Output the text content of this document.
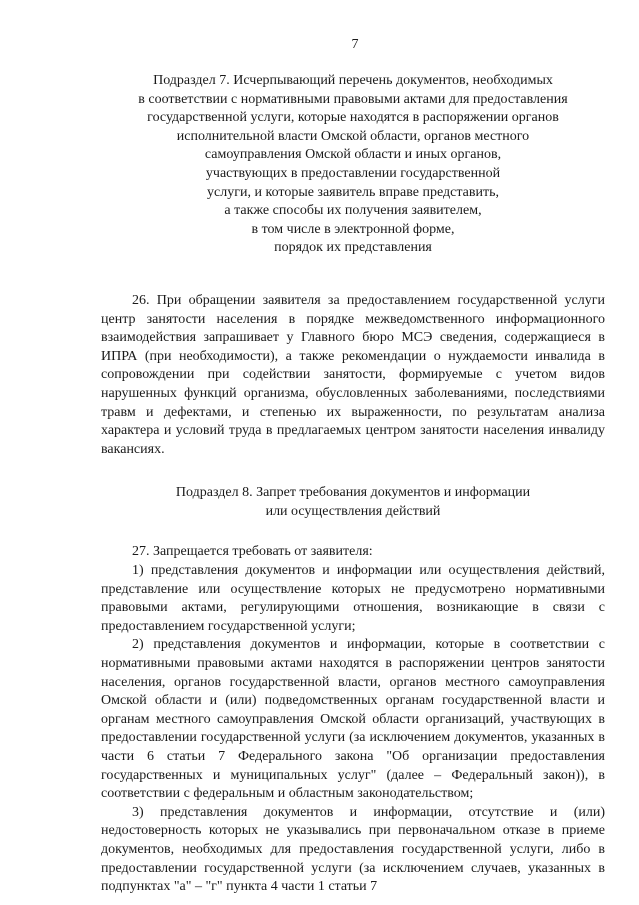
7
Подраздел 7. Исчерпывающий перечень документов, необходимых
в соответствии с нормативными правовыми актами для предоставления
государственной услуги, которые находятся в распоряжении органов
исполнительной власти Омской области, органов местного
самоуправления Омской области и иных органов,
участвующих в предоставлении государственной
услуги, и которые заявитель вправе представить,
а также способы их получения заявителем,
в том числе в электронной форме,
порядок их представления

26. При обращении заявителя за предоставлением государственной услуги центр занятости населения в порядке межведомственного информационного взаимодействия запрашивает у Главного бюро МСЭ сведения, содержащиеся в ИПРА (при необходимости), а также рекомендации о нуждаемости инвалида в сопровождении при содействии занятости, формируемые с учетом видов нарушенных функций организма, обусловленных заболеваниями, последствиями травм и дефектами, и степенью их выраженности, по результатам анализа характера и условий труда в предлагаемых центром занятости населения инвалиду вакансиях.

Подраздел 8. Запрет требования документов и информации
или осуществления действий

27. Запрещается требовать от заявителя:

1) представления документов и информации или осуществления действий, представление или осуществление которых не предусмотрено нормативными правовыми актами, регулирующими отношения, возникающие в связи с предоставлением государственной услуги;

2) представления документов и информации, которые в соответствии с нормативными правовыми актами находятся в распоряжении центров занятости населения, органов государственной власти, органов местного самоуправления Омской области и (или) подведомственных органам государственной власти и органам местного самоуправления Омской области организаций, участвующих в предоставлении государственной услуги (за исключением документов, указанных в части 6 статьи 7 Федерального закона "Об организации предоставления государственных и муниципальных услуг" (далее – Федеральный закон)), в соответствии с федеральным и областным законодательством;

3) представления документов и информации, отсутствие и (или) недостоверность которых не указывались при первоначальном отказе в приеме документов, необходимых для предоставления государственной услуги, либо в предоставлении государственной услуги (за исключением случаев, указанных в подпунктах "а" – "г" пункта 4 части 1 статьи 7
